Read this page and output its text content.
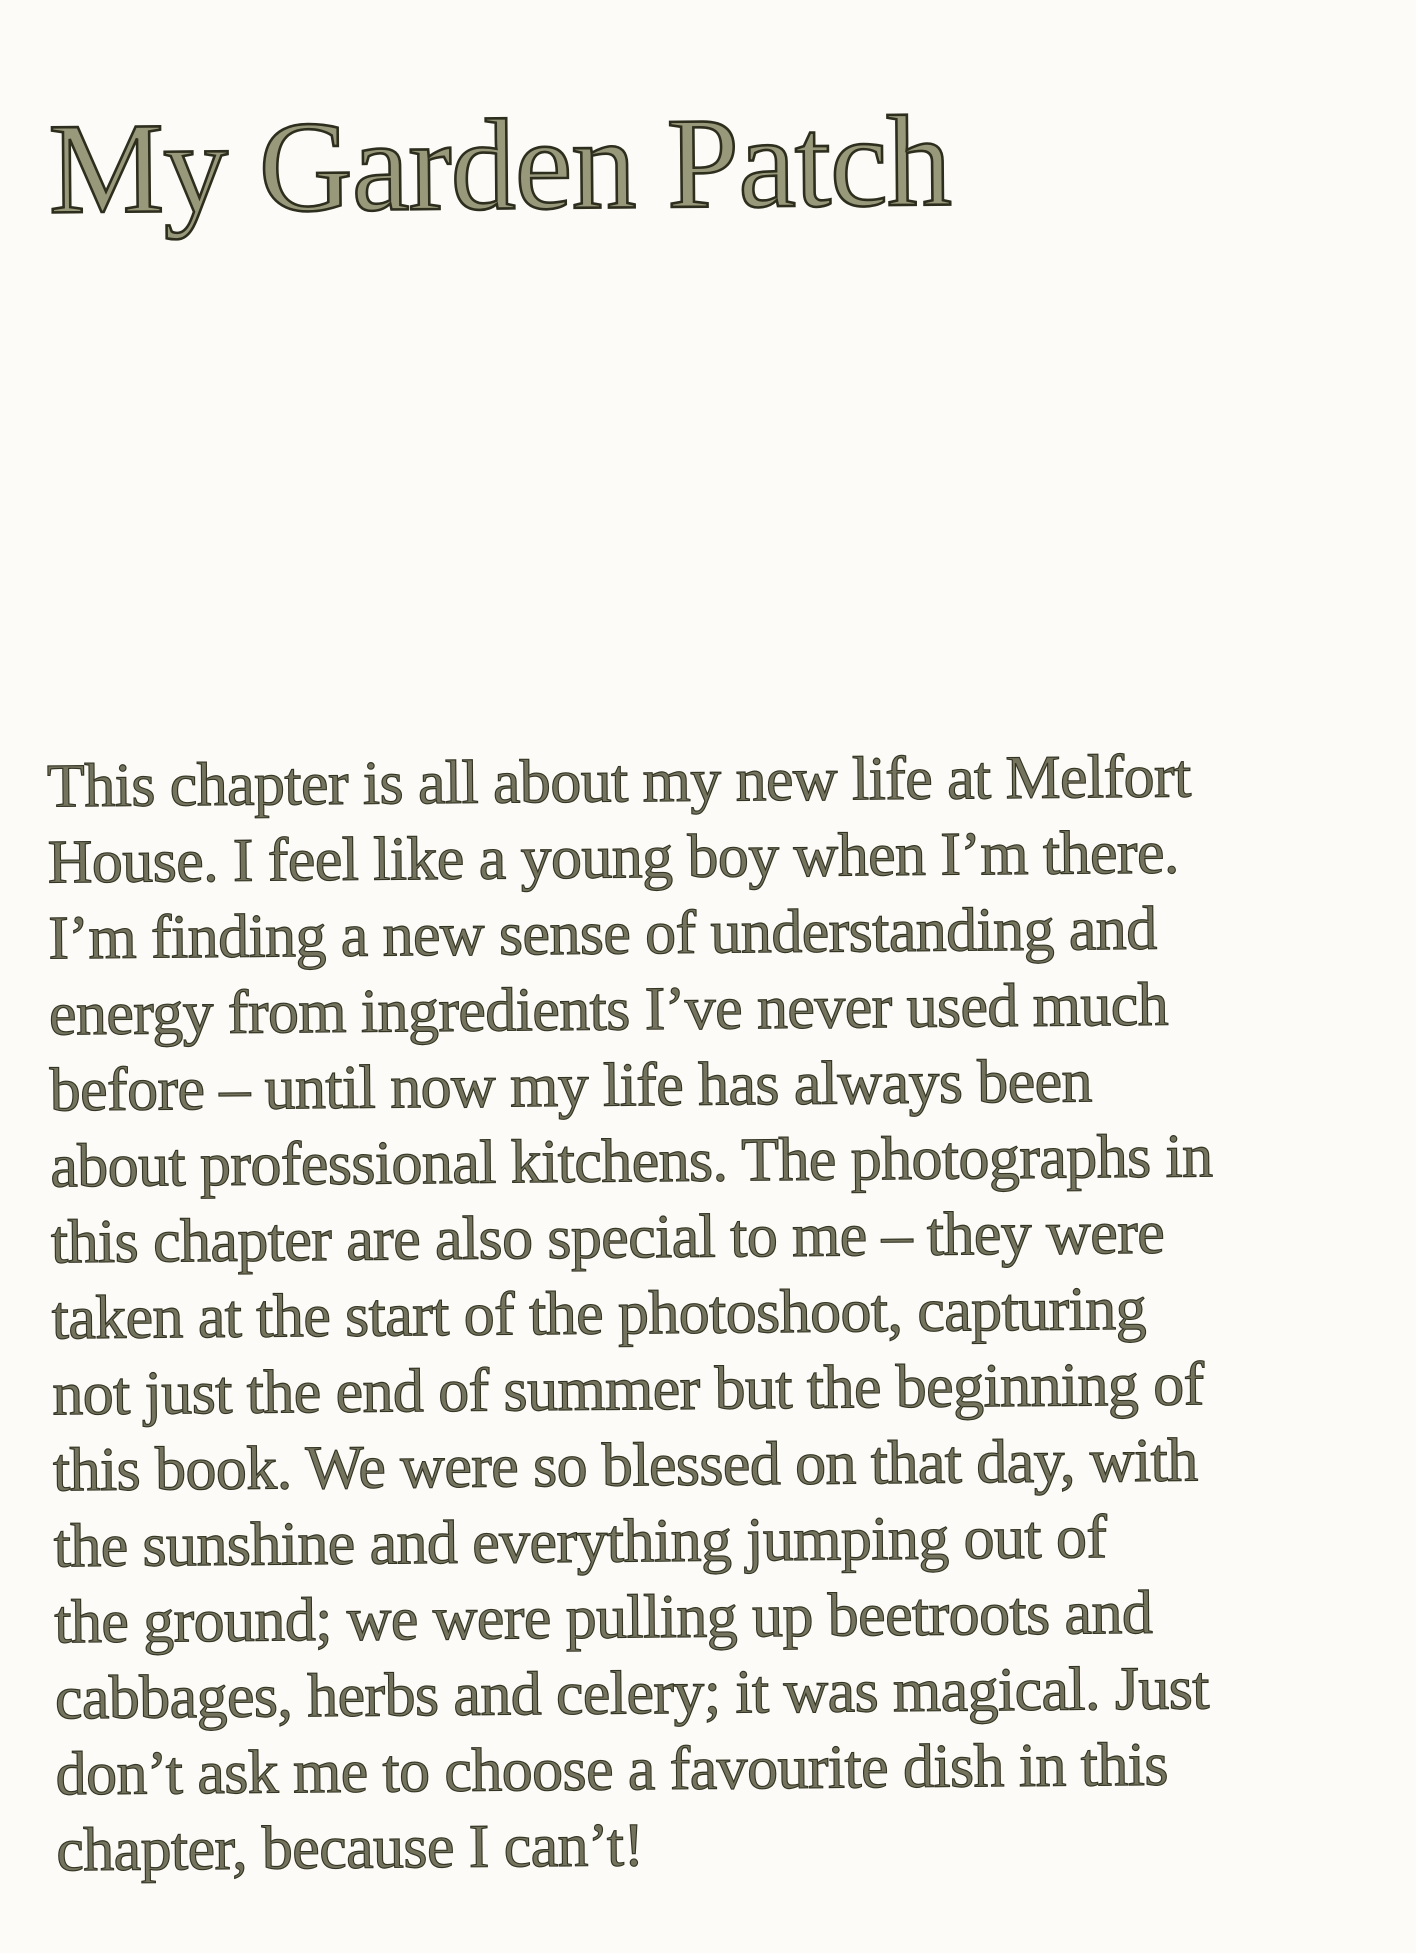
My Garden Patch
This chapter is all about my new life at Melfort
House. I feel like a young boy when I’m there.
I’m finding a new sense of understanding and
energy from ingredients I’ve never used much
before – until now my life has always been
about professional kitchens. The photographs in
this chapter are also special to me – they were
taken at the start of the photoshoot, capturing
not just the end of summer but the beginning of
this book. We were so blessed on that day, with
the sunshine and everything jumping out of
the ground; we were pulling up beetroots and
cabbages, herbs and celery; it was magical. Just
don’t ask me to choose a favourite dish in this
chapter, because I can’t!
